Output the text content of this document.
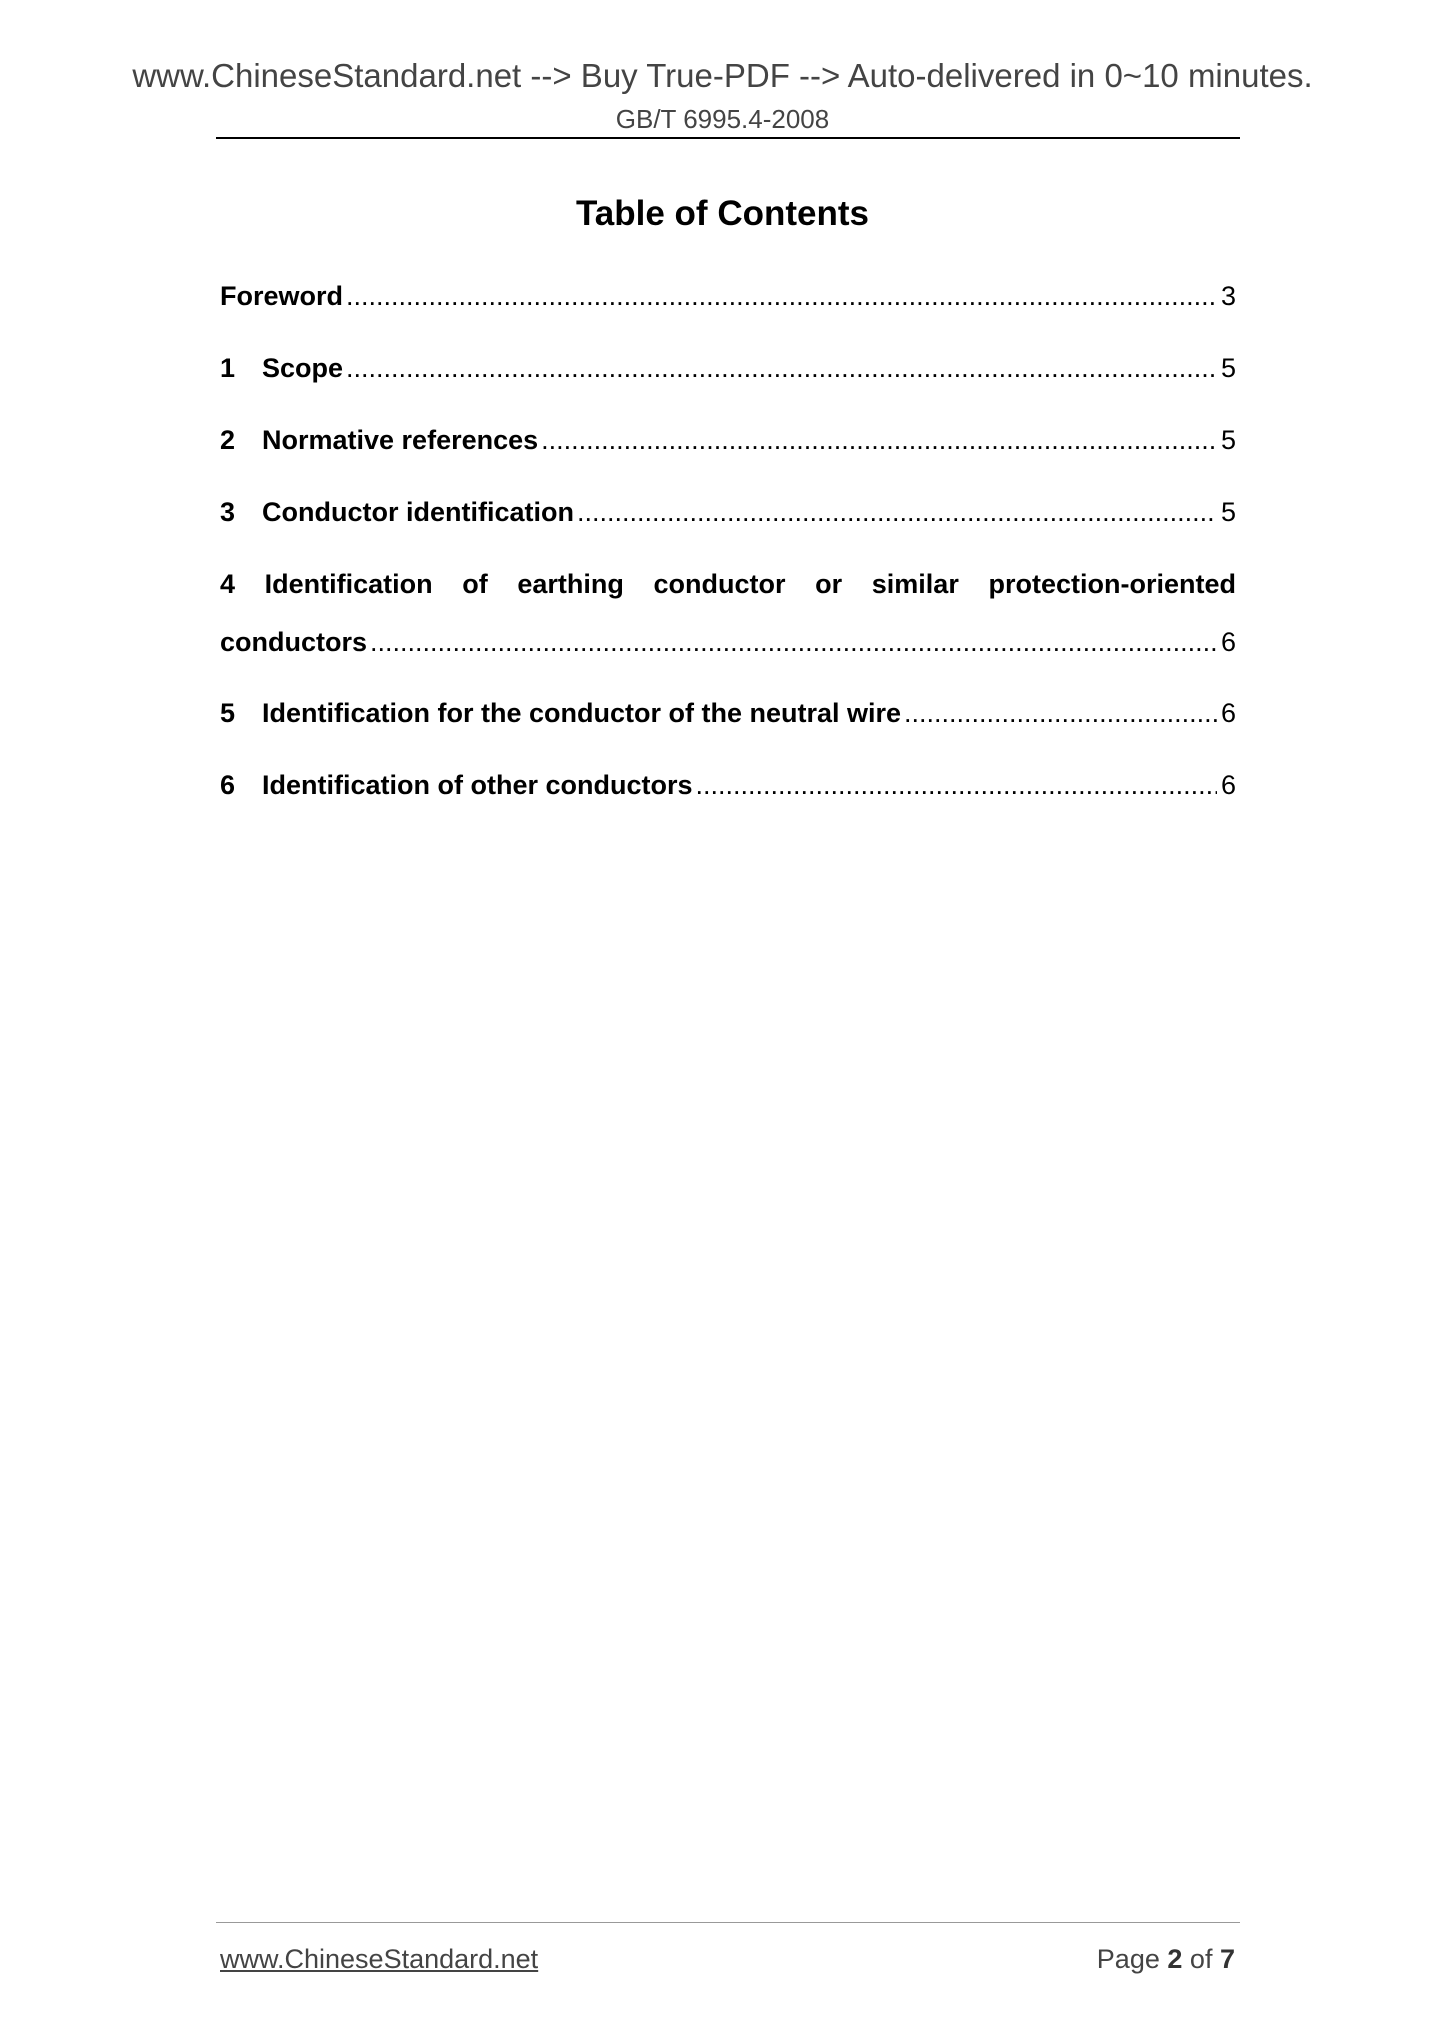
www.ChineseStandard.net --> Buy True-PDF --> Auto-delivered in 0~10 minutes.
GB/T 6995.4-2008
Table of Contents
Foreword .....	3
1 Scope .....	5
2 Normative references .....	5
3 Conductor identification .....	5
4 Identification of earthing conductor or similar protection-oriented
conductors .....	6
5 Identification for the conductor of the neutral wire .....	6
6 Identification of other conductors .....	6
www.ChineseStandard.net	Page 2 of 7
